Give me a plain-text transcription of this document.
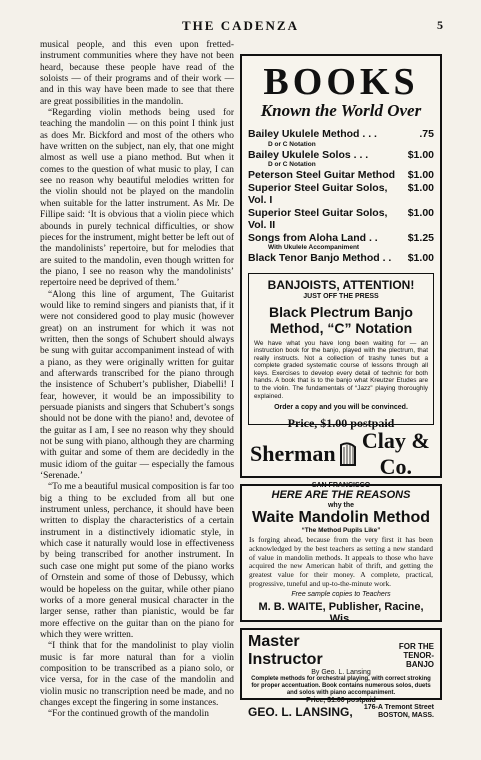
THE CADENZA	5

musical people, and this even upon fretted-instrument communities where they have not been heard, because these people have read of the soloists — of their programs and of their work — and in this way have been made to see that there are great possibilities in the mandolin.

“Regarding violin methods being used for teaching the mandolin — on this point I think just as does Mr. Bickford and most of the others who have written on the subject, nan ely, that one might almost as well use a piano method. But when it comes to the question of what music to play, I can see no reason why beautiful melodies written for the violin should not be played on the mandolin when suitable for the latter instrument. As Mr. De Fillipe said: ‘It is obvious that a violin piece which abounds in purely technical difficulties, or show pieces for the instrument, might better be left out of the mandolinists’ repertoire, but for melodies that are suited to the mandolin, even though written for the piano, I see no reason why the mandolinists’ repertoire need be deprived of them.’

“Along this line of argument, The Guitarist would like to remind singers and pianists that, if it were not considered good to play music (however great) on an instrument for which it was not written, then the songs of Schubert should always be sung with guitar accompaniment instead of with a piano, as they were originally written for guitar and afterwards transcribed for the piano through the insistence of Schubert’s publisher, Diabelli! I fear, however, it would be an impossibility to persuade pianists and singers that Schubert’s songs should not be done with the piano! and, devotee of the guitar as I am, I see no reason why they should not be sung with piano, although they are charming with guitar and some of them are decidedly in the music idiom of the guitar — especially the famous ‘Serenade.’

“To me a beautiful musical composition is far too big a thing to be excluded from all but one instrument unless, perchance, it should have been written to display the characteristics of a certain instrument in a distinctively idiomatic style, in which case it naturally would lose in effectiveness by being transcribed for another instrument. In such case one might put some of the piano works of Ornstein and some of those of Debussy, which would be hopeless on the guitar, while other piano works of a more general musical character in the larger sense, rather than pianistic, would be far more effective on the guitar than on the piano for which they were written.

“I think that for the mandolinist to play violin music is far more natural than for a violin composition to be transcribed as a piano solo, or vice versa, for in the case of the mandolin and violin music no transcription need be made, and no changes except the fingering in some instances.

“For the continued growth of the mandolin

BOOKS
Known the World Over
Bailey Ukulele Method . . .	.75
D or C Notation
Bailey Ukulele Solos . . .	$1.00
D or C Notation
Peterson Steel Guitar Method $1.00
Superior Steel Guitar Solos, Vol. I
$1.00
Superior Steel Guitar Solos, Vol. II
$1.00
Songs from Aloha Land . .	$1.25
With Ukulele Accompaniment
Black Tenor Banjo Method . . $1.00
BANJOISTS, ATTENTION!
JUST OFF THE PRESS
Black Plectrum Banjo Method, “C” Notation
We have what you have long been waiting for — an instruction book for the banjo, played with the plectrum, that really instructs. Not a collection of trashy tunes but a complete graded systematic course of lessons through all keys. Exercises to develop every detail of technic for both hands. A book that is to the banjo what Kreutzer Etudes are to the violin. The fundamentals of “Jazz” playing thoroughly explained.
Order a copy and you will be convinced.
Price, $1.00 postpaid
Sherman
Clay & Co.
SAN FRANCISCO
HERE ARE THE REASONS
why the
Waite Mandolin Method
“The Method Pupils Like”
Is forging ahead, because from the very first it has been acknowledged by the best teachers as setting a new standard of value in mandolin methods. It appeals to those who have acquired the new American habit of thrift, and getting the greatest value for their money. A complete, practical, progressive, tuneful and up-to-the-minute work.
Free sample copies to Teachers
M. B. WAITE, Publisher, Racine, Wis.
Master Instructor
FOR THE
TENOR-BANJO
By Geo. L. Lansing
Complete methods for orchestral playing, with correct stroking for proper accentuation. Book contains numerous solos, duets and solos with piano accompaniment.
Price, $1.00 postpaid
GEO. L. LANSING, 176-A Tremont Street
BOSTON, MASS.
